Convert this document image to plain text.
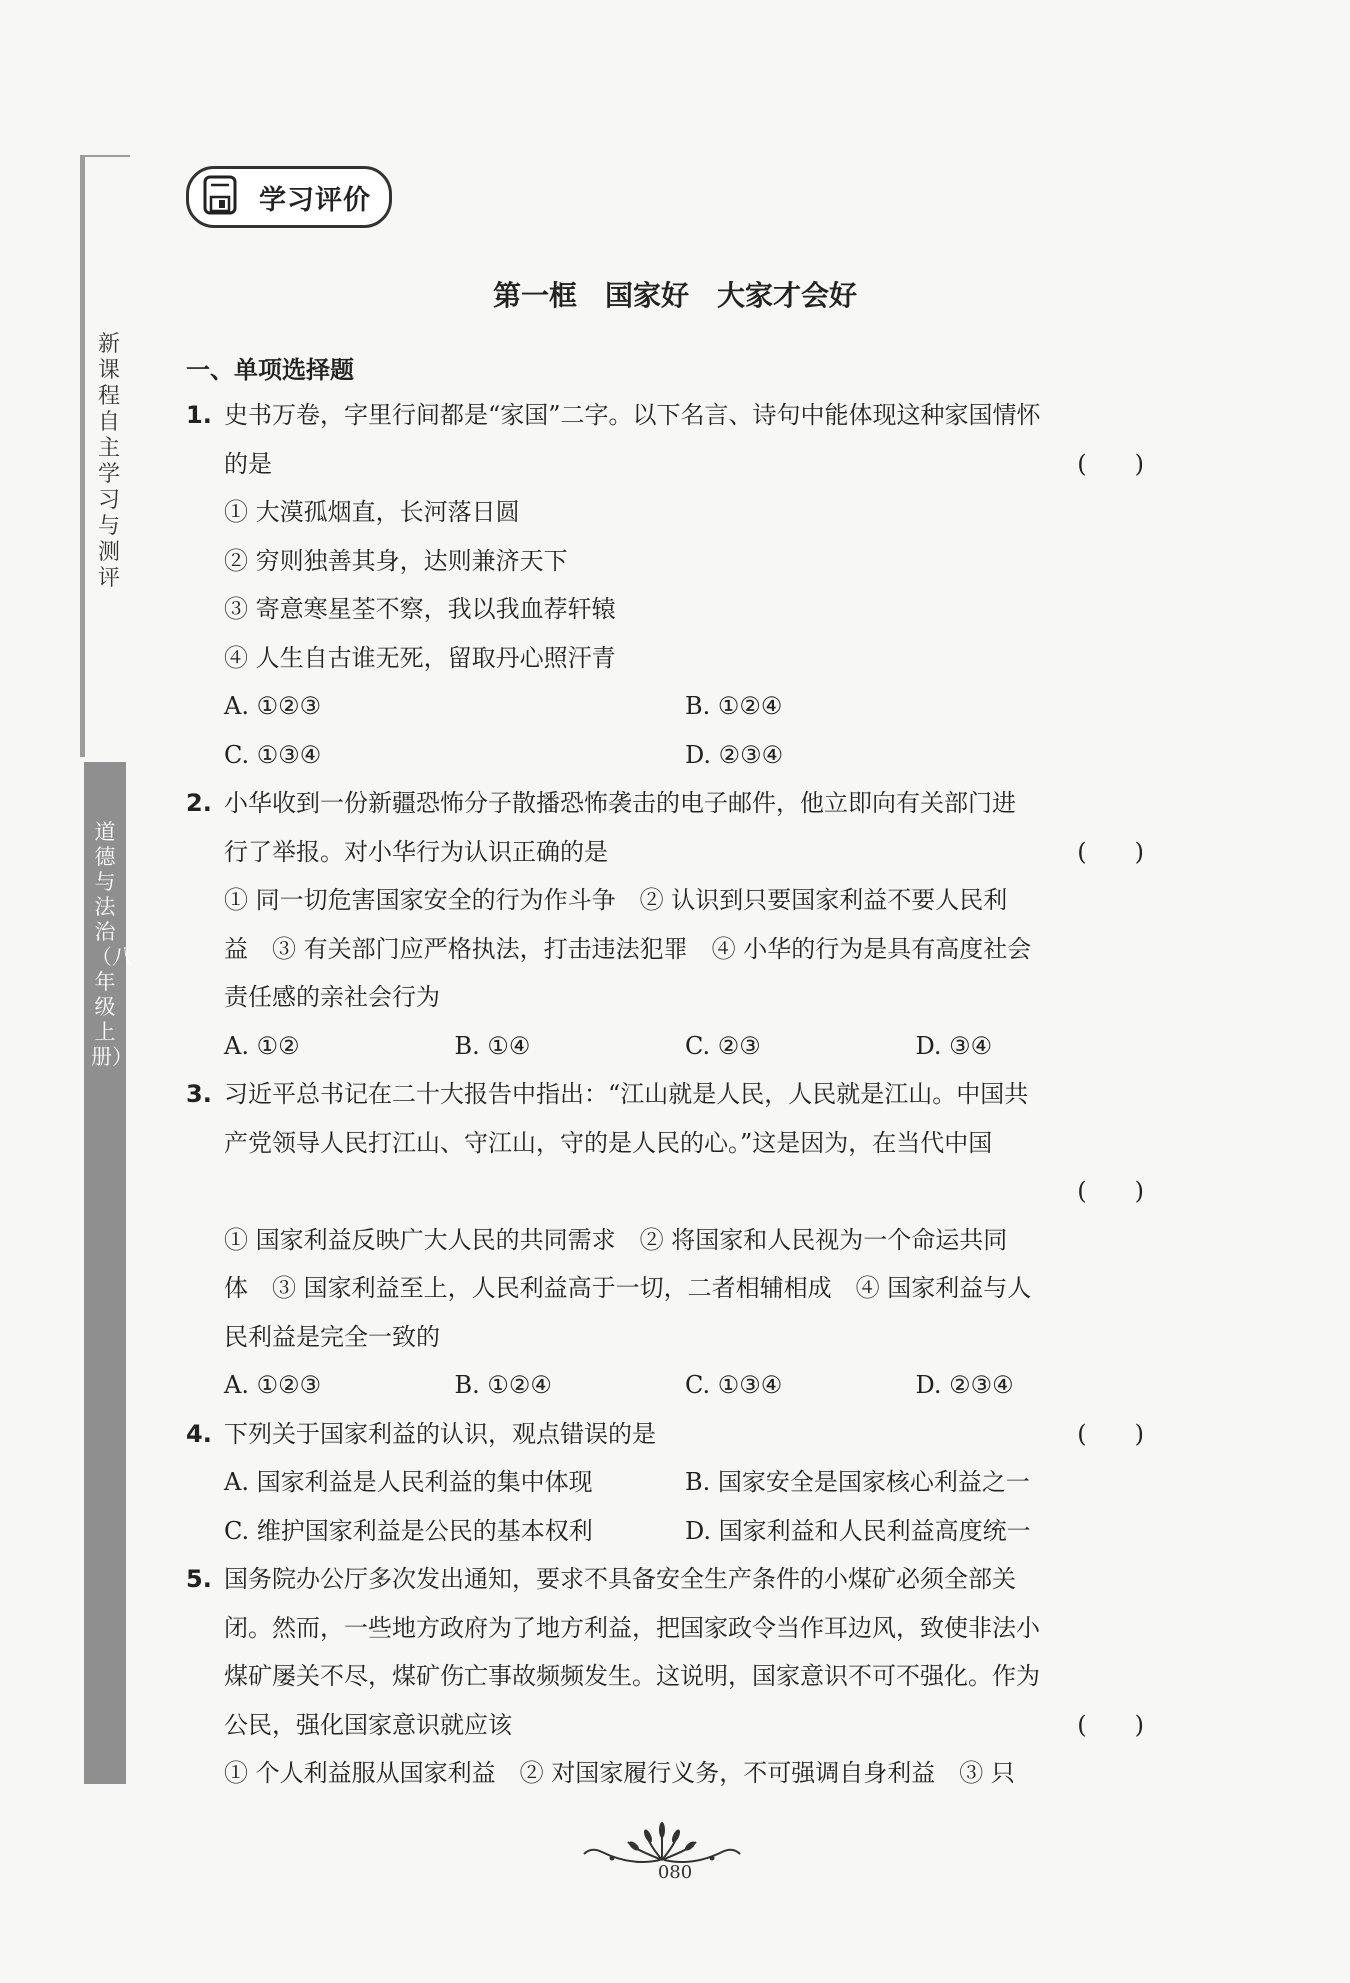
新课程自主学习与测评
道德与法治（八年级上册）
学习评价
第一框 国家好 大家才会好
一、单项选择题
1. 史书万卷，字里行间都是“家国”二字。以下名言、诗句中能体现这种家国情怀
的是	(　　)
① 大漠孤烟直，长河落日圆
② 穷则独善其身，达则兼济天下
③ 寄意寒星荃不察，我以我血荐轩辕
④ 人生自古谁无死，留取丹心照汗青
A. ①②③	B. ①②④
C. ①③④	D. ②③④
2. 小华收到一份新疆恐怖分子散播恐怖袭击的电子邮件，他立即向有关部门进
行了举报。对小华行为认识正确的是	(　　)
① 同一切危害国家安全的行为作斗争　② 认识到只要国家利益不要人民利
益　③ 有关部门应严格执法，打击违法犯罪　④ 小华的行为是具有高度社会
责任感的亲社会行为
A. ①②	B. ①④	C. ②③	D. ③④
3. 习近平总书记在二十大报告中指出：“江山就是人民，人民就是江山。中国共
产党领导人民打江山、守江山，守的是人民的心。”这是因为，在当代中国

(　　)
① 国家利益反映广大人民的共同需求　② 将国家和人民视为一个命运共同
体　③ 国家利益至上，人民利益高于一切，二者相辅相成　④ 国家利益与人
民利益是完全一致的
A. ①②③	B. ①②④	C. ①③④	D. ②③④
4. 下列关于国家利益的认识，观点错误的是	(　　)
A. 国家利益是人民利益的集中体现	B. 国家安全是国家核心利益之一
C. 维护国家利益是公民的基本权利	D. 国家利益和人民利益高度统一
5. 国务院办公厅多次发出通知，要求不具备安全生产条件的小煤矿必须全部关
闭。然而，一些地方政府为了地方利益，把国家政令当作耳边风，致使非法小
煤矿屡关不尽，煤矿伤亡事故频频发生。这说明，国家意识不可不强化。作为
公民，强化国家意识就应该	(　　)
① 个人利益服从国家利益　② 对国家履行义务，不可强调自身利益　③ 只
080
